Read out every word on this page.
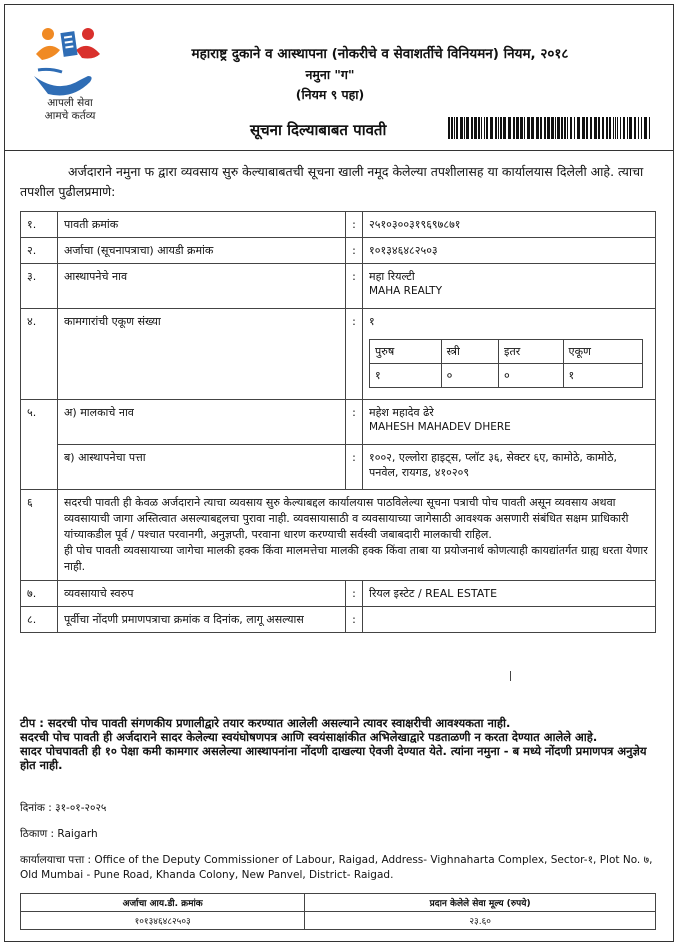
आपली सेवा
आमचे कर्तव्य
महाराष्ट्र दुकाने व आस्थापना (नोकरीचे व सेवाशर्तीचे विनियमन) नियम, २०१८
नमुना "ग"
(नियम ९ पहा)
सूचना दिल्याबाबत पावती
अर्जदाराने नमुना फ द्वारा व्यवसाय सुरु केल्याबाबतची सूचना खाली नमूद केलेल्या तपशीलासह या कार्यालयास दिलेली आहे. त्याचा तपशील पुढीलप्रमाणे:
१.	पावती क्रमांक	:	२५१०३००३१९६९७८७१
२.	अर्जाचा (सूचनापत्राचा) आयडी क्रमांक	:	१०१३४६४८२५०३
३.	आस्थापनेचे नाव	:	महा रियल्टी
MAHA REALTY

४.	कामगारांची एकूण संख्या	:	१
पुरुष	स्त्री	इतर	एकूण
१	०	०	१

५.	अ) मालकाचे नाव	:	महेश महादेव ढेरे
MAHESH MAHADEV DHERE

ब) आस्थापनेचा पत्ता	:	१००२, एल्लोरा हाइट्स, प्लॉट ३६, सेक्टर ६ए, कामोठे, कामोठे, पनवेल, रायगड, ४१०२०९
६	सदरची पावती ही केवळ अर्जदाराने त्याचा व्यवसाय सुरु केल्याबद्दल कार्यालयास पाठविलेल्या सूचना पत्राची पोच पावती असून व्यवसाय अथवा व्यवसायाची जागा अस्तित्वात असल्याबद्दलचा पुरावा नाही. व्यवसायासाठी व व्यवसायाच्या जागेसाठी आवश्यक असणारी संबंधित सक्षम प्राधिकारी यांच्याकडील पूर्व / पश्चात परवानगी, अनुज्ञप्ती, परवाना धारण करण्याची सर्वस्वी जबाबदारी मालकाची राहिल.
ही पोच पावती व्यवसायाच्या जागेचा मालकी हक्क किंवा मालमत्तेचा मालकी हक्क किंवा ताबा या प्रयोजनार्थ कोणत्याही कायद्यांतर्गत ग्राह्य धरता येणार नाही.

७.	व्यवसायाचे स्वरुप	:	रियल इस्टेट / REAL ESTATE
८.	पूर्वीचा नोंदणी प्रमाणपत्राचा क्रमांक व दिनांक, लागू असल्यास	:	
टीप : सदरची पोच पावती संगणकीय प्रणालीद्वारे तयार करण्यात आलेली असल्याने त्यावर स्वाक्षरीची आवश्यकता नाही.
सदरची पोच पावती ही अर्जदाराने सादर केलेल्या स्वयंघोषणपत्र आणि स्वयंसाक्षांकीत अभिलेखाद्वारे पडताळणी न करता देण्यात आलेले आहे.
सादर पोचपावती ही १० पेक्षा कमी कामगार असलेल्या आस्थापनांना नोंदणी दाखल्या ऐवजी देण्यात येते. त्यांना नमुना - ब मध्ये नोंदणी प्रमाणपत्र अनुज्ञेय होत नाही.
दिनांक : ३१-०१-२०२५
ठिकाण : Raigarh
कार्यालयाचा पत्ता : Office of the Deputy Commissioner of Labour, Raigad, Address- Vighnaharta Complex, Sector-१, Plot No. ७, Old Mumbai - Pune Road, Khanda Colony, New Panvel, District- Raigad.
अर्जाचा आय.डी. क्रमांक	प्रदान केलेले सेवा मूल्य (रुपये)
१०१३४६४८२५०३	२३.६०
